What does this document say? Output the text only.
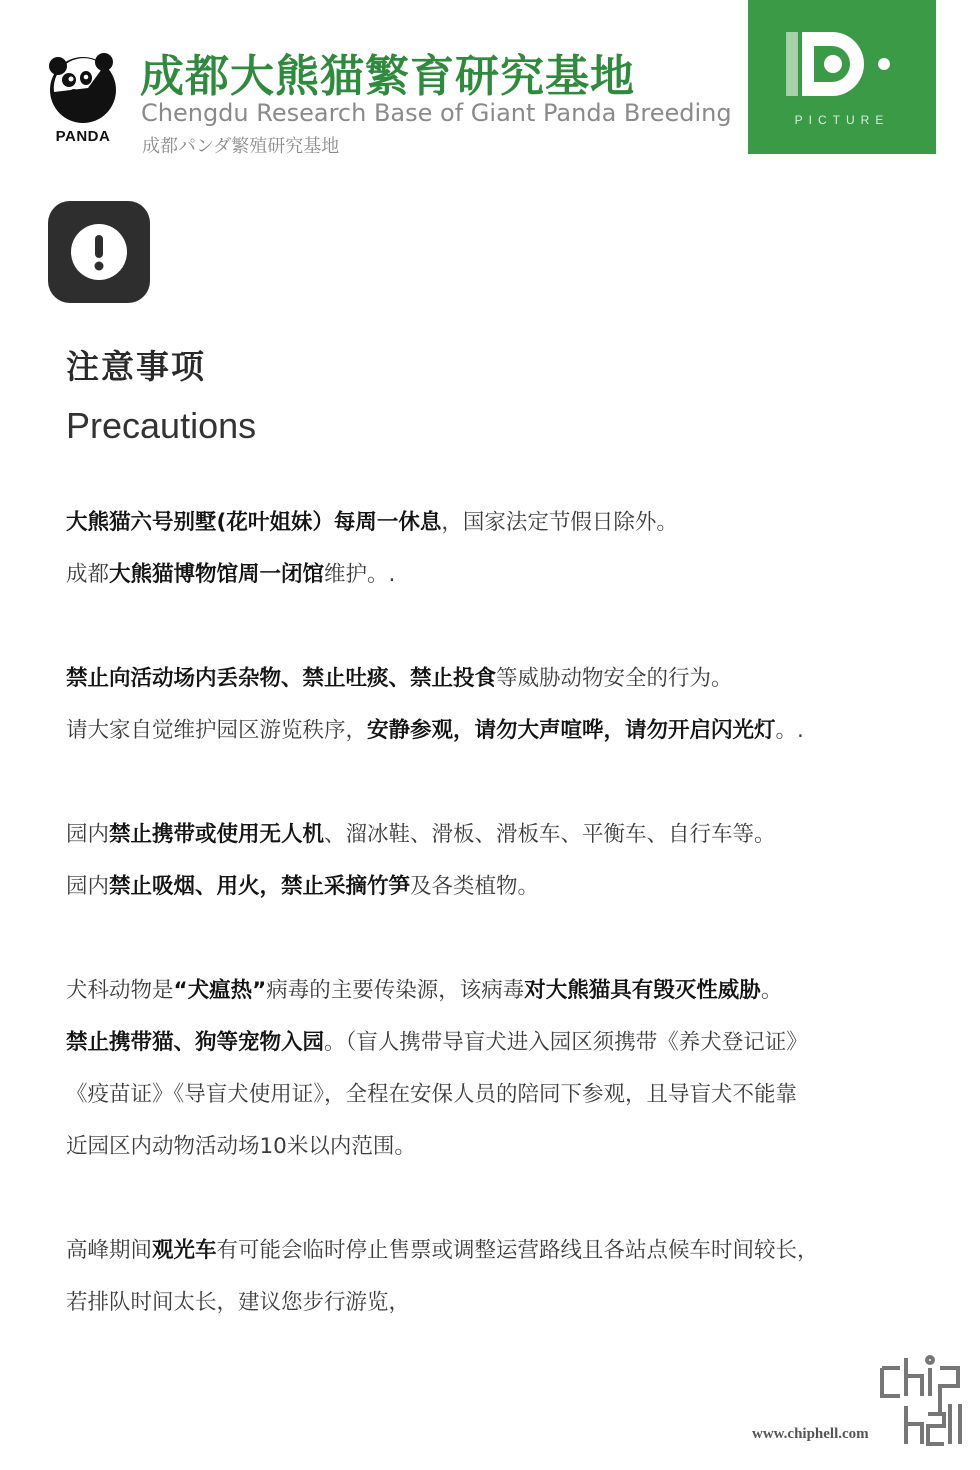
PANDA
成都大熊猫繁育研究基地
Chengdu Research Base of Giant Panda Breeding
成都パンダ繁殖研究基地
PICTURE
注意事项
Precautions
大熊猫六号别墅(花叶姐妹）每周一休息，国家法定节假日除外。
成都大熊猫博物馆周一闭馆维护。.
禁止向活动场内丢杂物、禁止吐痰、禁止投食等威胁动物安全的行为。
请大家自觉维护园区游览秩序，安静参观，请勿大声喧哗，请勿开启闪光灯。.
园内禁止携带或使用无人机、溜冰鞋、滑板、滑板车、平衡车、自行车等。
园内禁止吸烟、用火，禁止采摘竹笋及各类植物。
犬科动物是“犬瘟热”病毒的主要传染源，该病毒对大熊猫具有毁灭性威胁。
禁止携带猫、狗等宠物入园。（盲人携带导盲犬进入园区须携带《养犬登记证》
《疫苗证》《导盲犬使用证》，全程在安保人员的陪同下参观，且导盲犬不能靠
近园区内动物活动场10米以内范围。
高峰期间观光车有可能会临时停止售票或调整运营路线且各站点候车时间较长，
若排队时间太长，建议您步行游览，
www.chiphell.com
